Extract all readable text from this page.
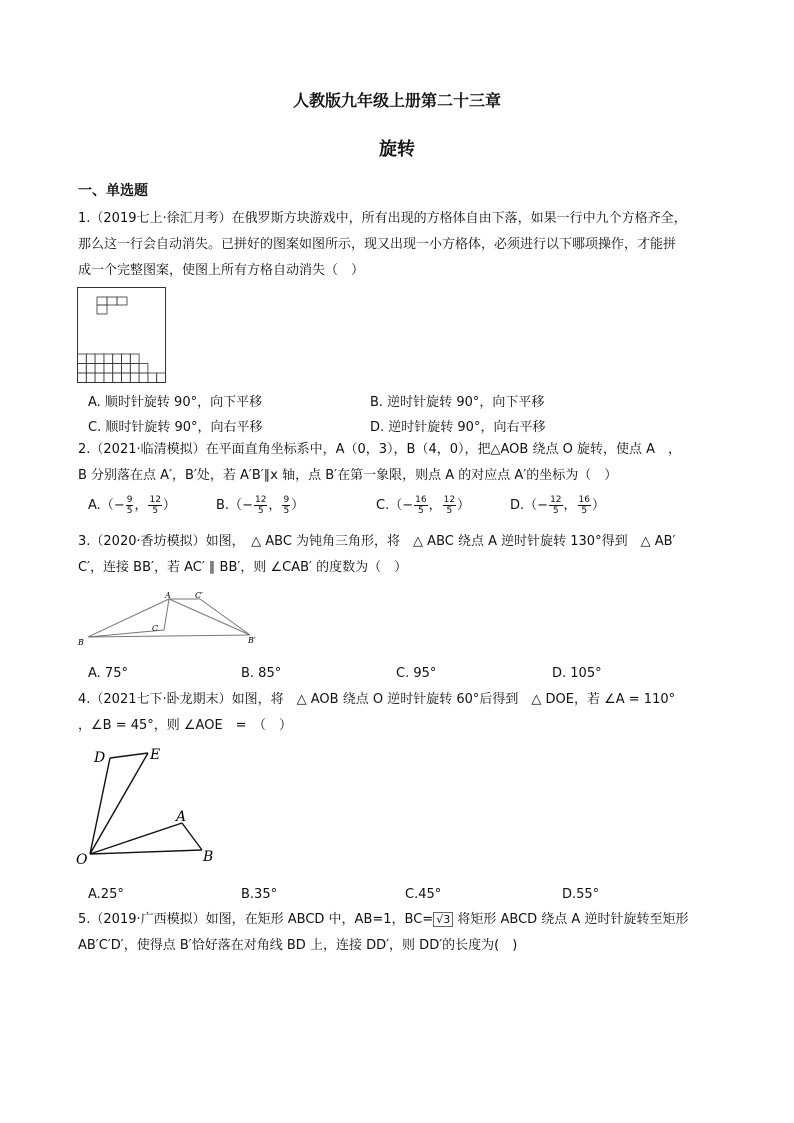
人教版九年级上册第二十三章
旋转
一、单选题
1.（2019七上·徐汇月考）在俄罗斯方块游戏中，所有出现的方格体自由下落，如果一行中九个方格齐全，
那么这一行会自动消失。已拼好的图案如图所示，现又出现一小方格体，必须进行以下哪项操作，才能拼
成一个完整图案，使图上所有方格自动消失（　）
A. 顺时针旋转 90°，向下平移	B. 逆时针旋转 90°，向下平移
C. 顺时针旋转 90°，向右平移	D. 逆时针旋转 90°，向右平移
2.（2021·临清模拟）在平面直角坐标系中，A（0，3），B（4，0），把△AOB 绕点 O 旋转，使点 A　，
B 分别落在点 A′，B′处，若 A′B′∥x 轴，点 B′在第一象限，则点 A 的对应点 A′的坐标为（　）
$A.(- \frac{9}{5}$ ， $\frac{12}{5}$ ）	$B.(- \frac{12}{5}$ ， $\frac{9}{5}$ ）	$C.(- \frac{16}{5}$ ， $\frac{12}{5}$ ）	$D.(- \frac{12}{5}$ ， $\frac{16}{5}$ ）
3.（2020·香坊模拟）如图，　△ ABC 为钝角三角形，将　△ ABC 绕点 A 逆时针旋转 130°得到　△ AB′
C′，连接 BB′，若 AC′ ∥ BB′，则 ∠CAB′ 的度数为（　）
A
B
C
B′
C′
A. 75°	B. 85°	C. 95°	D. 105°
4.（2021七下·卧龙期末）如图，将　△ AOB 绕点 O 逆时针旋转 60°后得到　△ DOE，若 ∠A = 110°
，∠B = 45°，则 ∠AOE　=　（　）
D	E
A
O	B
A.25°	B.35°	C.45°	D.55°
5.（2019·广西模拟）如图，在矩形 ABCD 中，AB=1，BC= √3 将矩形 ABCD 绕点 A 逆时针旋转至矩形
AB′C′D′，使得点 B′恰好落在对角线 BD 上，连接 DD′，则 DD′的长度为(　)
